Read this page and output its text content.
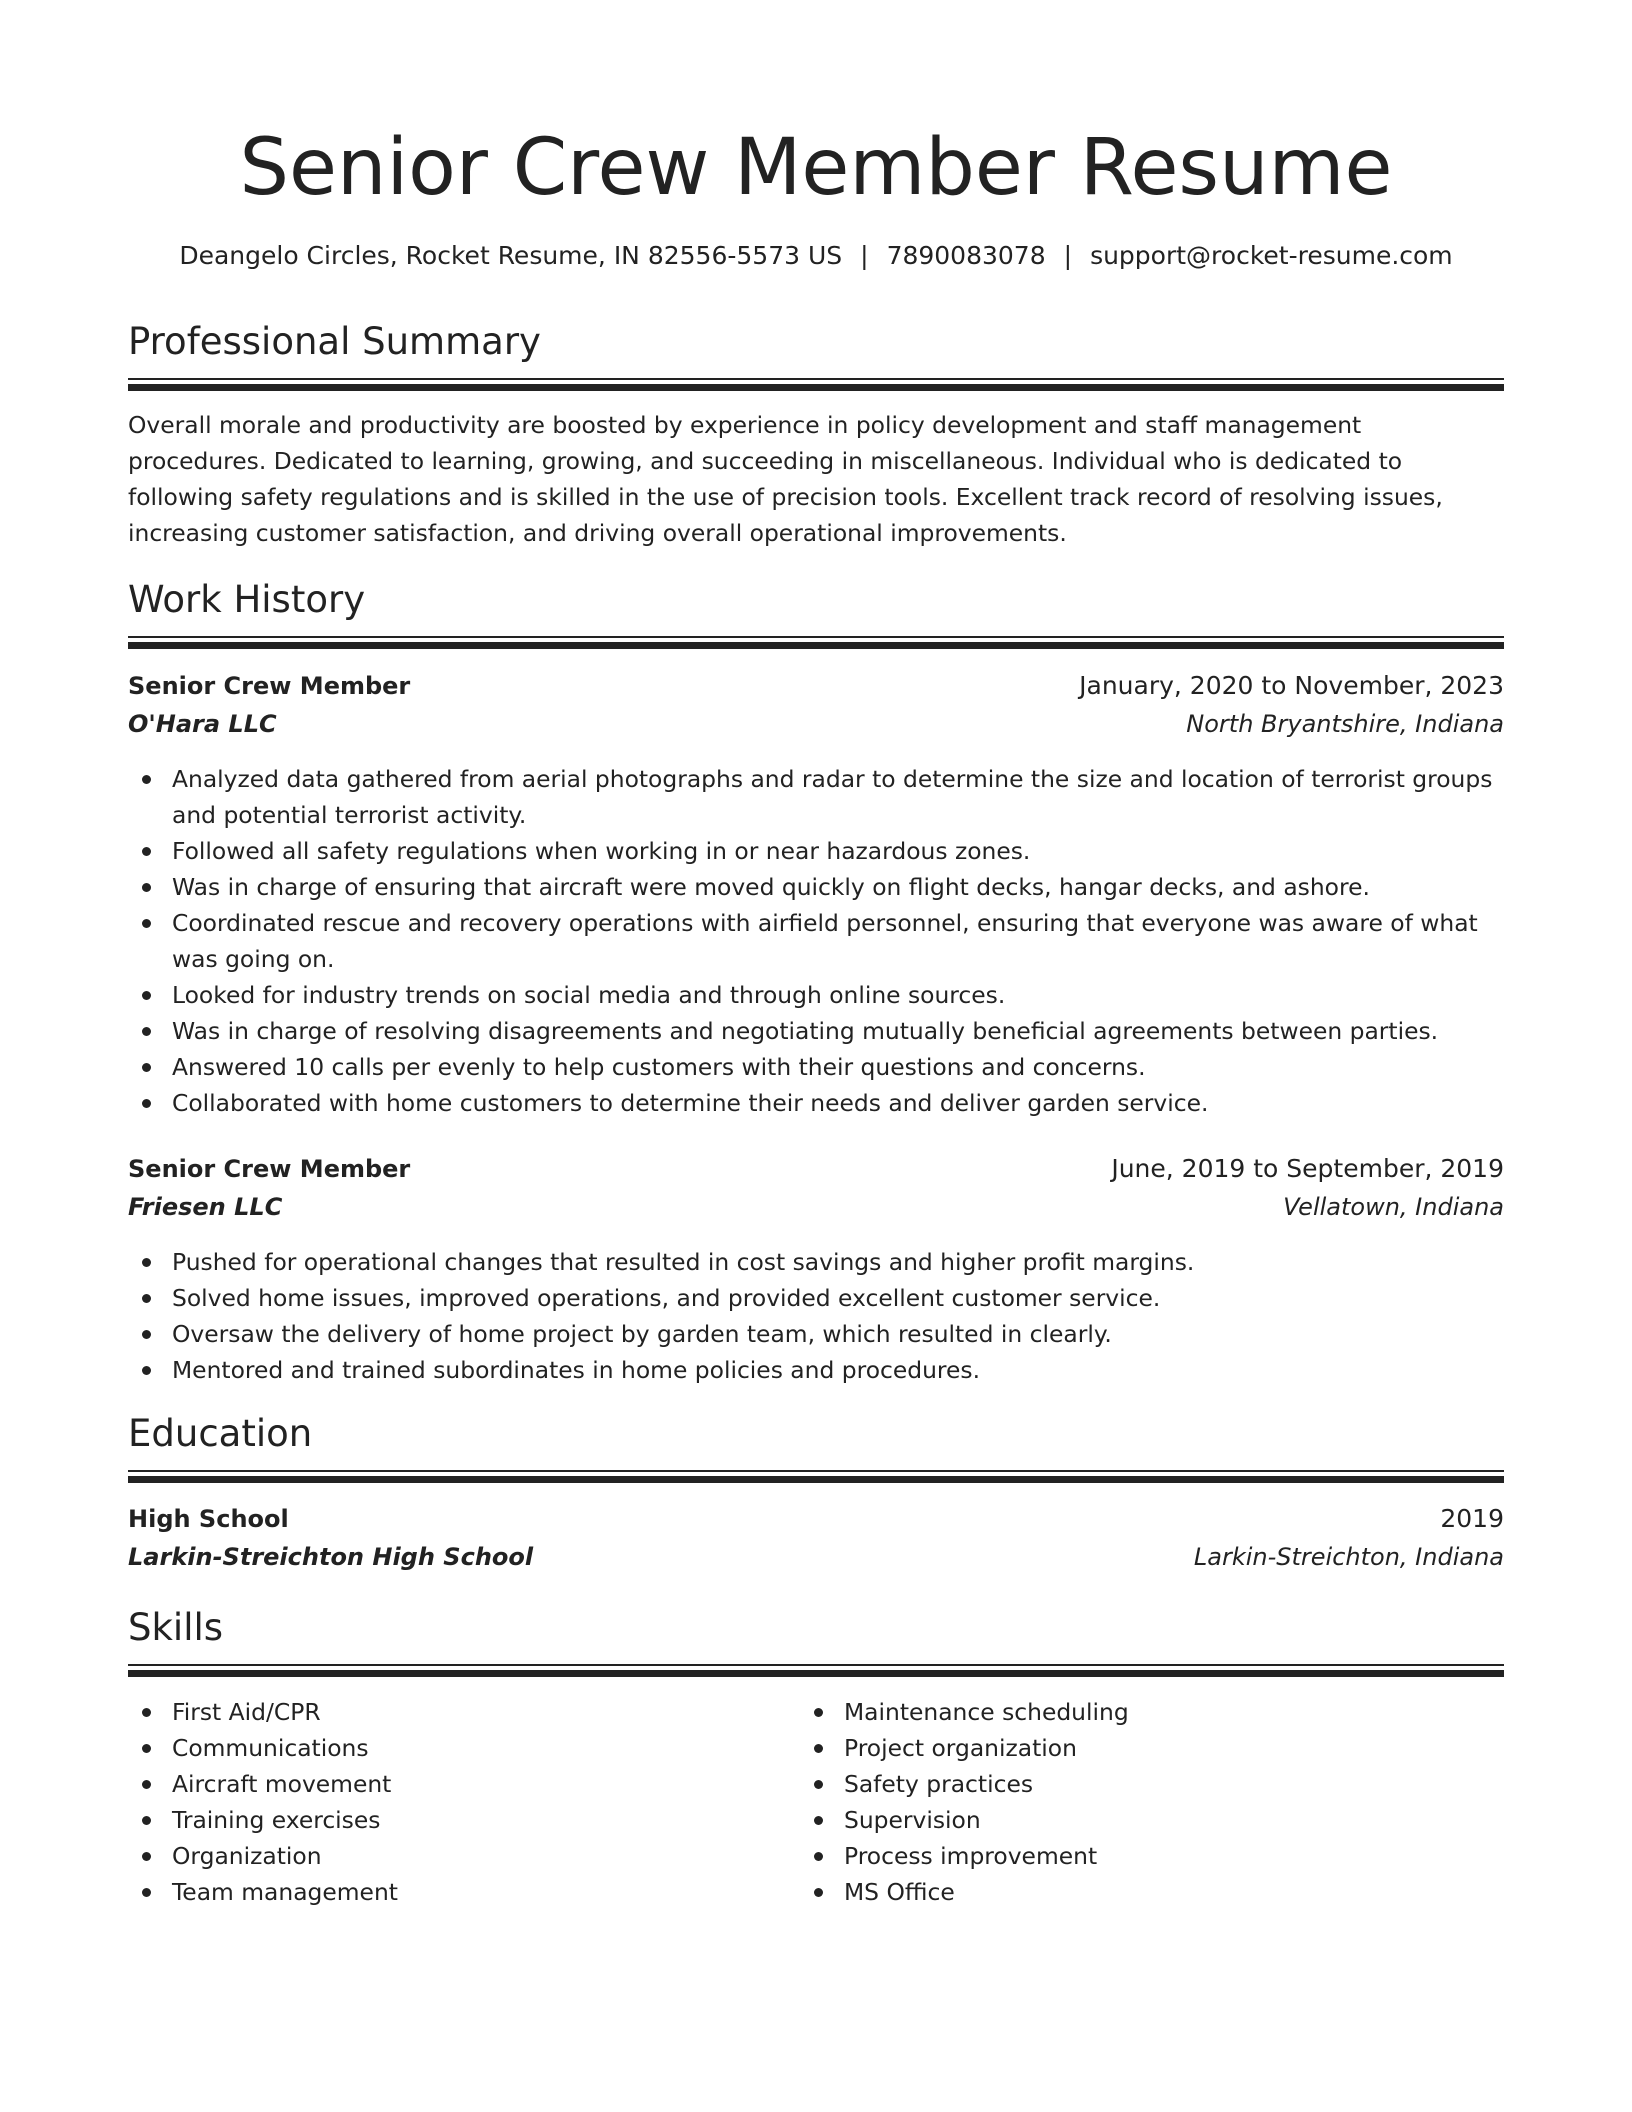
Senior Crew Member Resume
Deangelo Circles, Rocket Resume, IN 82556-5573 US | 7890083078 | support@rocket-resume.com
Professional Summary
Overall morale and productivity are boosted by experience in policy development and staff management procedures. Dedicated to learning, growing, and succeeding in miscellaneous. Individual who is dedicated to following safety regulations and is skilled in the use of precision tools. Excellent track record of resolving issues, increasing customer satisfaction, and driving overall operational improvements.
Work History
Senior Crew Member	January, 2020 to November, 2023
O'Hara LLC	North Bryantshire, Indiana
Analyzed data gathered from aerial photographs and radar to determine the size and location of terrorist groups and potential terrorist activity.
Followed all safety regulations when working in or near hazardous zones.
Was in charge of ensuring that aircraft were moved quickly on flight decks, hangar decks, and ashore.
Coordinated rescue and recovery operations with airfield personnel, ensuring that everyone was aware of what was going on.
Looked for industry trends on social media and through online sources.
Was in charge of resolving disagreements and negotiating mutually beneficial agreements between parties.
Answered 10 calls per evenly to help customers with their questions and concerns.
Collaborated with home customers to determine their needs and deliver garden service.
Senior Crew Member	June, 2019 to September, 2019
Friesen LLC	Vellatown, Indiana
Pushed for operational changes that resulted in cost savings and higher profit margins.
Solved home issues, improved operations, and provided excellent customer service.
Oversaw the delivery of home project by garden team, which resulted in clearly.
Mentored and trained subordinates in home policies and procedures.
Education
High School	2019
Larkin-Streichton High School	Larkin-Streichton, Indiana
Skills
First Aid/CPR
Communications
Aircraft movement
Training exercises
Organization
Team management
Maintenance scheduling
Project organization
Safety practices
Supervision
Process improvement
MS Office
